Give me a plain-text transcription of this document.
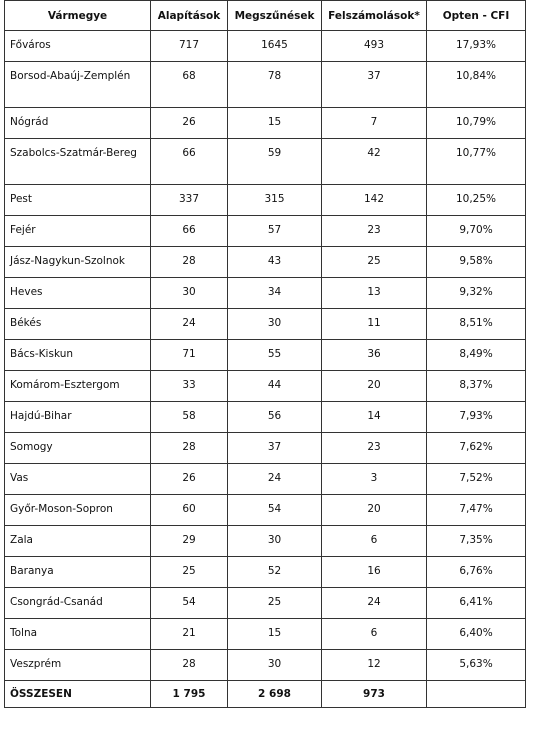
Vármegye	Alapítások	Megszűnések	Felszámolások*	Opten - CFI

Főváros	717	1645	493	17,93%

Borsod-Abaúj-Zemplén	68	78	37	10,84%

Nógrád	26	15	7	10,79%

Szabolcs-Szatmár-Bereg	66	59	42	10,77%

Pest	337	315	142	10,25%

Fejér	66	57	23	9,70%

Jász-Nagykun-Szolnok	28	43	25	9,58%

Heves	30	34	13	9,32%

Békés	24	30	11	8,51%

Bács-Kiskun	71	55	36	8,49%

Komárom-Esztergom	33	44	20	8,37%

Hajdú-Bihar	58	56	14	7,93%

Somogy	28	37	23	7,62%

Vas	26	24	3	7,52%

Győr-Moson-Sopron	60	54	20	7,47%

Zala	29	30	6	7,35%

Baranya	25	52	16	6,76%

Csongrád-Csanád	54	25	24	6,41%

Tolna	21	15	6	6,40%

Veszprém	28	30	12	5,63%

ÖSSZESEN	1 795	2 698	973	
